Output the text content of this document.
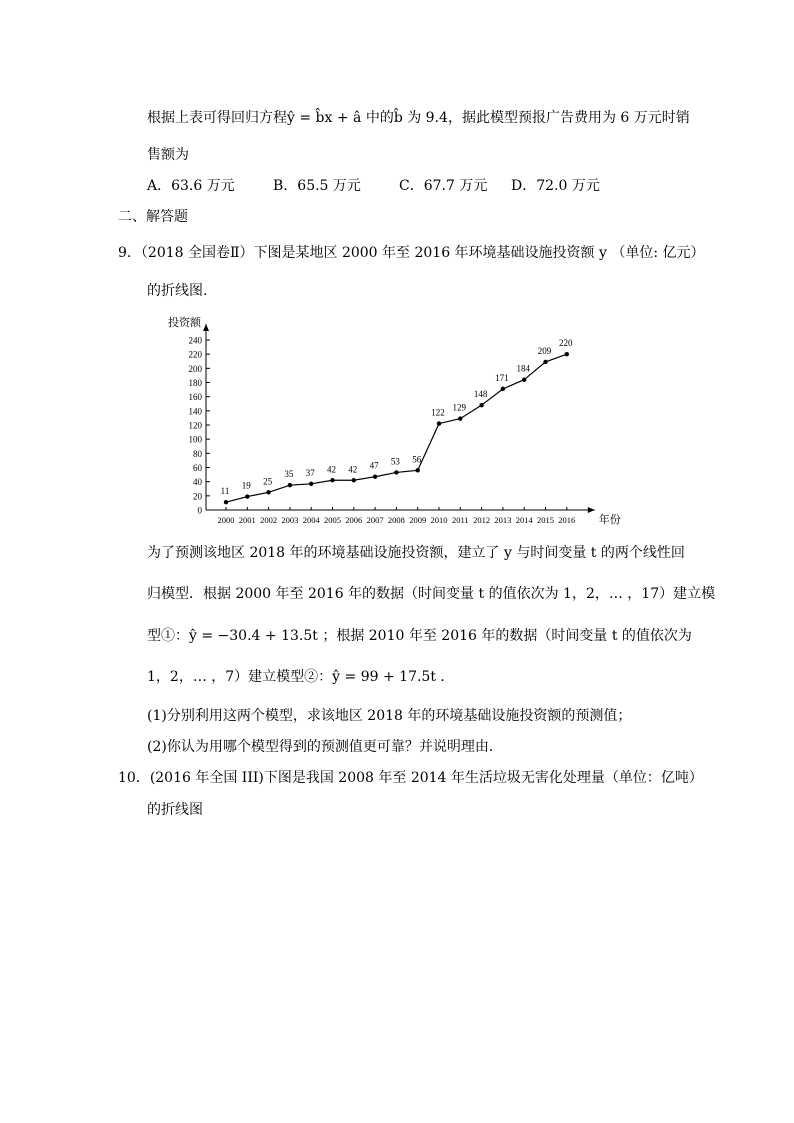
根据上表可得回归方程ŷ = b̂x + â 中的b̂ 为 9.4，据此模型预报广告费用为 6 万元时销
售额为
A．63.6 万元	B．65.5 万元	C．67.7 万元 D．72.0 万元
二、解答题
9．（2018 全国卷Ⅱ）下图是某地区 2000 年至 2016 年环境基础设施投资额 y （单位: 亿元）
的折线图.
0
20
40
60
80
100
120
140
160
180
200
220
240
2000 2001 2002 2003 2004 2005 2006 2007 2008 2009 2010 2011 2012 2013 2014 2015 2016
11
19 25
35 37 42 42 47 53 56
122 129
148
171
184
209
220
投资额
年份
为了预测该地区 2018 年的环境基础设施投资额，建立了 y 与时间变量 t 的两个线性回
归模型．根据 2000 年至 2016 年的数据（时间变量 t 的值依次为 1，2，… ，17）建立模
型①：ŷ = −30.4 + 13.5t ；根据 2010 年至 2016 年的数据（时间变量 t 的值依次为
1，2，… ，7）建立模型②：ŷ = 99 + 17.5t ．
(1)分别利用这两个模型，求该地区 2018 年的环境基础设施投资额的预测值；
(2)你认为用哪个模型得到的预测值更可靠？并说明理由．
10．(2016 年全国 III)下图是我国 2008 年至 2014 年生活垃圾无害化处理量（单位：亿吨）
的折线图
